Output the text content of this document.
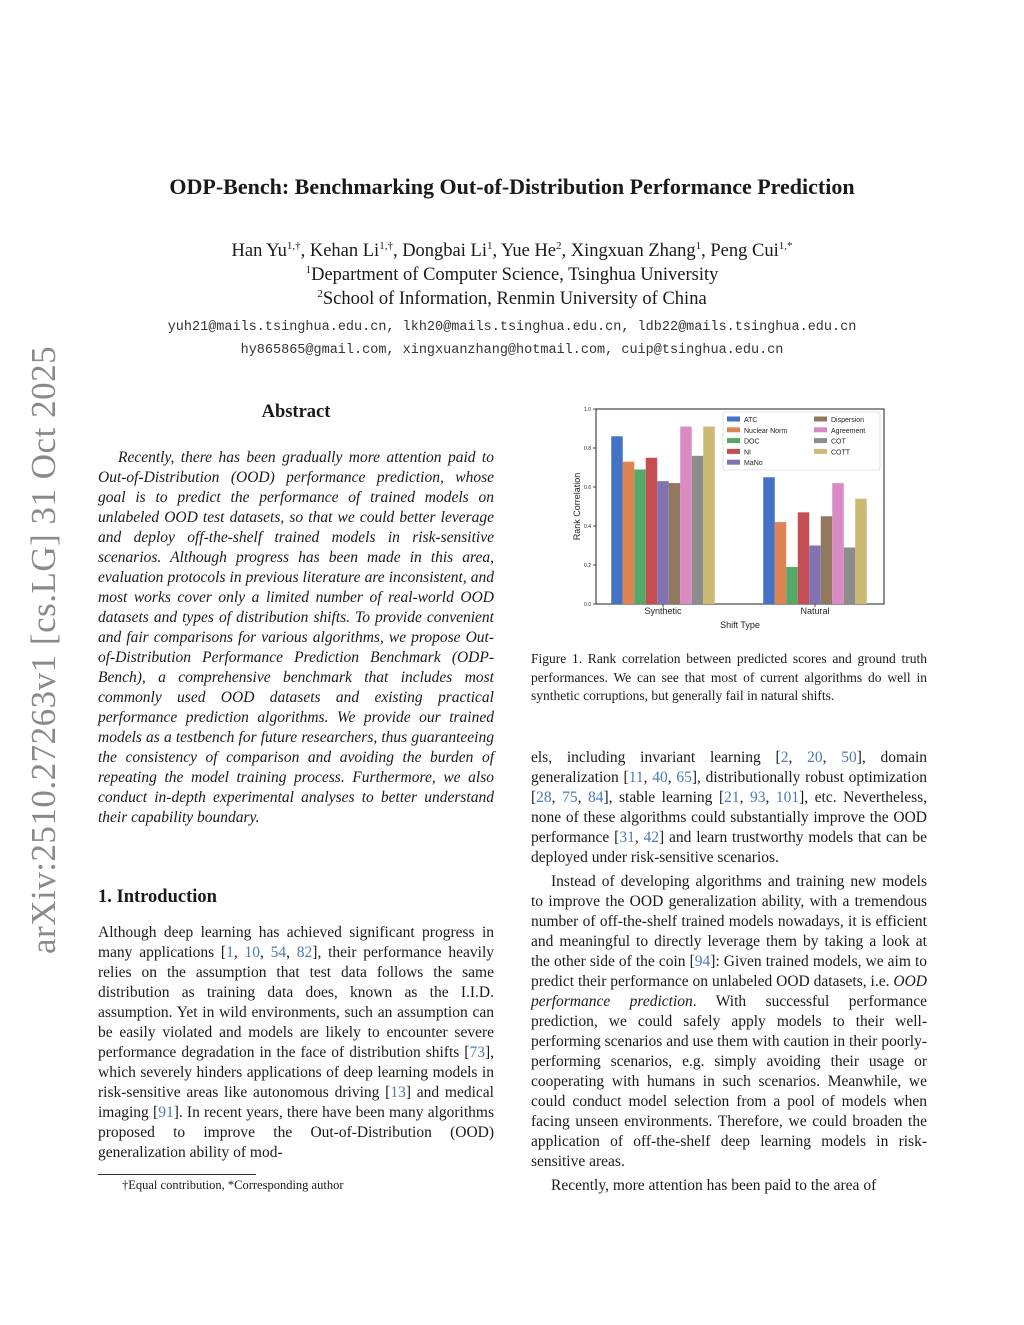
arXiv:2510.27263v1 [cs.LG] 31 Oct 2025
ODP-Bench: Benchmarking Out-of-Distribution Performance Prediction
Han $Yu^{1,\dagger}$, Kehan $Li^{1,\dagger}$, Dongbai Li$^1$, Yue He$^2$, Xingxuan Zhang$^1$, Peng Cui$^{1,*}$
$^1$Department of Computer Science, Tsinghua University
$^2$School of Information, Renmin University of China
yuh21@mails.tsinghua.edu.cn, lkh20@mails.tsinghua.edu.cn, ldb22@mails.tsinghua.edu.cn
hy865865@gmail.com, xingxuanzhang@hotmail.com, cuip@tsinghua.edu.cn
Abstract

Recently, there has been gradually more attention paid to Out-of-Distribution (OOD) performance prediction, whose goal is to predict the performance of trained models on unlabeled OOD test datasets, so that we could better leverage and deploy off-the-shelf trained models in risk-sensitive scenarios. Although progress has been made in this area, evaluation protocols in previous literature are inconsistent, and most works cover only a limited number of real-world OOD datasets and types of distribution shifts. To provide convenient and fair comparisons for various algorithms, we propose Out-of-Distribution Performance Prediction Benchmark (ODP-Bench), a comprehensive benchmark that includes most commonly used OOD datasets and existing practical performance prediction algorithms. We provide our trained models as a testbench for future researchers, thus guaranteeing the consistency of comparison and avoiding the burden of repeating the model training process. Furthermore, we also conduct in-depth experimental analyses to better understand their capability boundary.

1. Introduction

Although deep learning has achieved significant progress in many applications [1, 10, 54, 82], their performance heavily relies on the assumption that test data follows the same distribution as training data does, known as the I.I.D. assumption. Yet in wild environments, such an assumption can be easily violated and models are likely to encounter severe performance degradation in the face of distribution shifts [73], which severely hinders applications of deep learning models in risk-sensitive areas like autonomous driving [13] and medical imaging [91]. In recent years, there have been many algorithms proposed to improve the Out-of-Distribution (OOD) generalization ability of mod-

†Equal contribution, *Corresponding author
0.0
0.2
0.4
0.6
0.8
1.0
Synthetic	Natural
Shift Type
Rank Correlation
ATC
Nuclear Norm
DOC
NI
MaNo
Dispersion
Agreement
COT
COTT
Figure 1. Rank correlation between predicted scores and ground truth performances. We can see that most of current algorithms do well in synthetic corruptions, but generally fail in natural shifts.

els, including invariant learning [2, 20, 50], domain generalization [11, 40, 65], distributionally robust optimization [28, 75, 84], stable learning [21, 93, 101], etc. Nevertheless, none of these algorithms could substantially improve the OOD performance [31, 42] and learn trustworthy models that can be deployed under risk-sensitive scenarios.

Instead of developing algorithms and training new models to improve the OOD generalization ability, with a tremendous number of off-the-shelf trained models nowadays, it is efficient and meaningful to directly leverage them by taking a look at the other side of the coin [94]: Given trained models, we aim to predict their performance on unlabeled OOD datasets, i.e. OOD performance prediction. With successful performance prediction, we could safely apply models to their well-performing scenarios and use them with caution in their poorly-performing scenarios, e.g. simply avoiding their usage or cooperating with humans in such scenarios. Meanwhile, we could conduct model selection from a pool of models when facing unseen environments. Therefore, we could broaden the application of off-the-shelf deep learning models in risk-sensitive areas.

Recently, more attention has been paid to the area of
